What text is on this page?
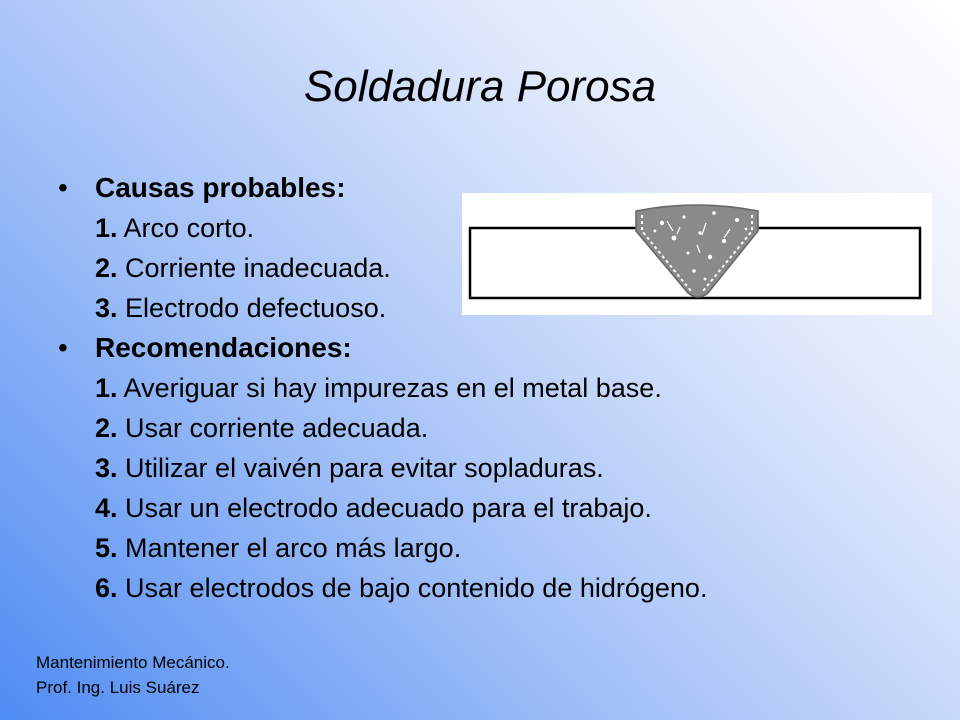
Soldadura Porosa
• Causas probables:
1. Arco corto.
2. Corriente inadecuada.
3. Electrodo defectuoso.
• Recomendaciones:
1. Averiguar si hay impurezas en el metal base.
2. Usar corriente adecuada.
3. Utilizar el vaivén para evitar sopladuras.
4. Usar un electrodo adecuado para el trabajo.
5. Mantener el arco más largo.
6. Usar electrodos de bajo contenido de hidrógeno.
Mantenimiento Mecánico.
Prof. Ing. Luis Suárez
